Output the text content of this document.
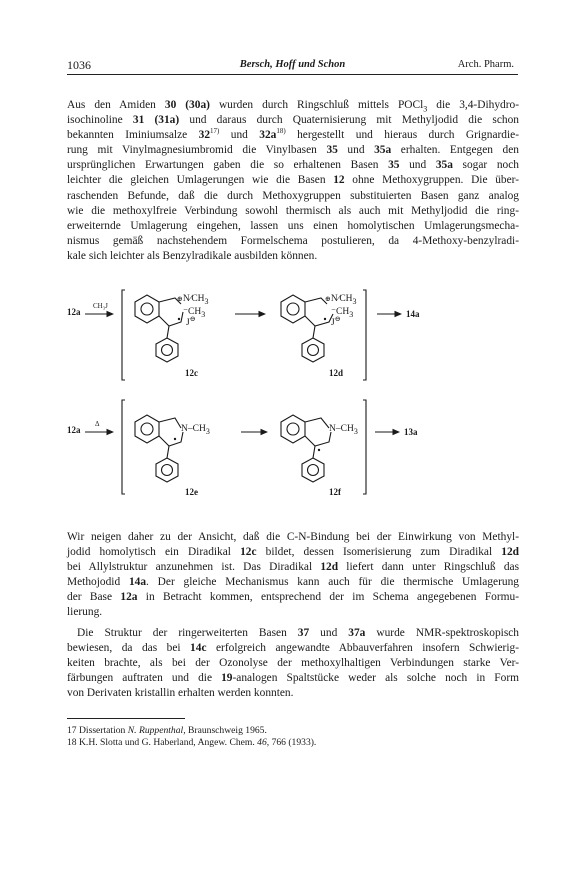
1036	Bersch, Hoff und Schon	Arch. Pharm.
Aus den Amiden 30 (30a) wurden durch Ringschluß mittels POCl$_3$ die 3,4-Dihydro-
isochinoline 31 (31a) und daraus durch Quaternisierung mit Methyljodid die schon
bekannten Iminiumsalze 32$^{17)}$ und $32a^{18)}$ hergestellt und hieraus durch Grignardie-
rung mit Vinylmagnesiumbromid die Vinylbasen 35 und 35a erhalten. Entgegen den
ursprünglichen Erwartungen gaben die so erhaltenen Basen 35 und 35a sogar noch
leichter die gleichen Umlagerungen wie die Basen 12 ohne Methoxygruppen. Die über-
raschenden Befunde, daß die durch Methoxygruppen substituierten Basen ganz analog
wie die methoxylfreie Verbindung sowohl thermisch als auch mit Methyljodid die ring-
erweiternde Umlagerung eingehen, lassen uns einen homolytischen Umlagerungsmecha-
nismus gemäß nachstehendem Formelschema postulieren, da 4-Methoxy-benzylradi-
kale sich leichter als Benzylradikale ausbilden können.
12a
CH₃J
$\oplus N∕CH_3$
$^-CH_3$
J⊖
12c
$\oplus N∕CH_3$
$^-CH_3$
J⊖
12d
14a
12a
Δ	$N-CH_3$
12e
$N-CH_3$
12f
13a
Wir neigen daher zu der Ansicht, daß die C-N-Bindung bei der Einwirkung von Methyl-
jodid homolytisch ein Diradikal 12c bildet, dessen Isomerisierung zum Diradikal 12d
bei Allylstruktur anzunehmen ist. Das Diradikal 12d liefert dann unter Ringschluß das
Methojodid 14a. Der gleiche Mechanismus kann auch für die thermische Umlagerung
der Base 12a in Betracht kommen, entsprechend der im Schema angegebenen Formu-
lierung.
Die Struktur der ringerweiterten Basen 37 und 37a wurde NMR-spektroskopisch
bewiesen, da das bei 14c erfolgreich angewandte Abbauverfahren insofern Schwierig-
keiten brachte, als bei der Ozonolyse der methoxylhaltigen Verbindungen starke Ver-
färbungen auftraten und die 19-analogen Spaltstücke weder als solche noch in Form
von Derivaten kristallin erhalten werden konnten.
17 Dissertation N. Ruppenthal, Braunschweig 1965.
18 K.H. Slotta und G. Haberland, Angew. Chem. 46, 766 (1933).
